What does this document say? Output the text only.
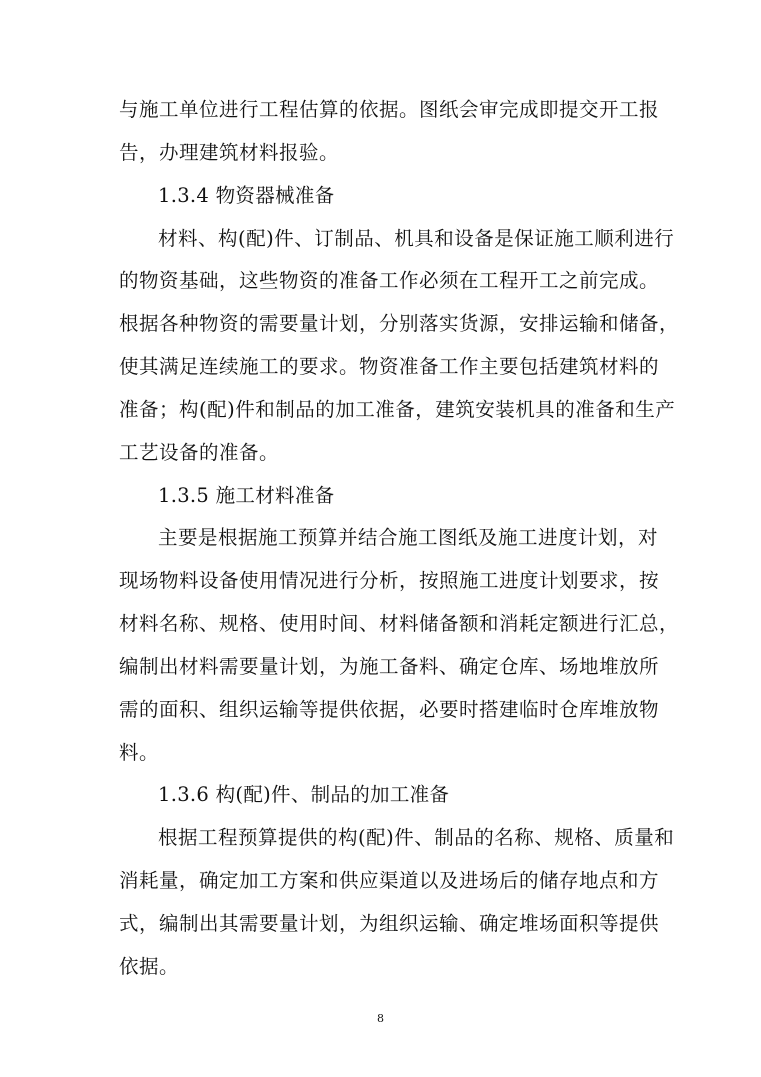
与施工单位进行工程估算的依据。图纸会审完成即提交开工报
告，办理建筑材料报验。
1.3.4 物资器械准备
材料、构(配)件、订制品、机具和设备是保证施工顺利进行
的物资基础，这些物资的准备工作必须在工程开工之前完成。
根据各种物资的需要量计划，分别落实货源，安排运输和储备，
使其满足连续施工的要求。物资准备工作主要包括建筑材料的
准备；构(配)件和制品的加工准备，建筑安装机具的准备和生产
工艺设备的准备。
1.3.5 施工材料准备
主要是根据施工预算并结合施工图纸及施工进度计划，对
现场物料设备使用情况进行分析，按照施工进度计划要求，按
材料名称、规格、使用时间、材料储备额和消耗定额进行汇总，
编制出材料需要量计划，为施工备料、确定仓库、场地堆放所
需的面积、组织运输等提供依据，必要时搭建临时仓库堆放物
料。
1.3.6 构(配)件、制品的加工准备
根据工程预算提供的构(配)件、制品的名称、规格、质量和
消耗量，确定加工方案和供应渠道以及进场后的储存地点和方
式，编制出其需要量计划，为组织运输、确定堆场面积等提供
依据。
8
